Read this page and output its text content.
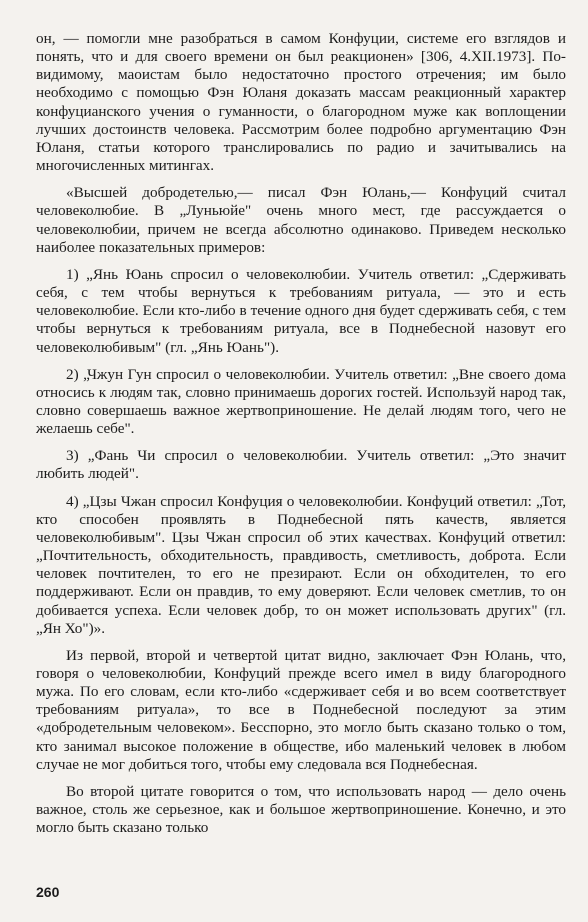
он, — помогли мне разобраться в самом Конфуции, системе его взглядов и понять, что и для своего времени он был реакционен» [306, 4.XII.1973]. По-видимому, маоистам было недостаточно простого отречения; им было необходимо с помощью Фэн Юланя доказать массам реакционный характер конфуцианского учения о гуманности, о благородном муже как воплощении лучших достоинств человека. Рассмотрим более подробно аргументацию Фэн Юланя, статьи которого транслировались по радио и зачитывались на многочисленных митингах.

«Высшей добродетелью,— писал Фэн Юлань,— Конфуций считал человеколюбие. В „Луньюйе" очень много мест, где рассуждается о человеколюбии, причем не всегда абсолютно одинаково. Приведем несколько наиболее показательных примеров:

1) „Янь Юань спросил о человеколюбии. Учитель ответил: „Сдерживать себя, с тем чтобы вернуться к требованиям ритуала, — это и есть человеколюбие. Если кто-либо в течение одного дня будет сдерживать себя, с тем чтобы вернуться к требованиям ритуала, все в Поднебесной назовут его человеколюбивым" (гл. „Янь Юань").

2) „Чжун Гун спросил о человеколюбии. Учитель ответил: „Вне своего дома относись к людям так, словно принимаешь дорогих гостей. Используй народ так, словно совершаешь важное жертвоприношение. Не делай людям того, чего не желаешь себе".

3) „Фань Чи спросил о человеколюбии. Учитель ответил: „Это значит любить людей".

4) „Цзы Чжан спросил Конфуция о человеколюбии. Конфуций ответил: „Тот, кто способен проявлять в Поднебесной пять качеств, является человеколюбивым". Цзы Чжан спросил об этих качествах. Конфуций ответил: „Почтительность, обходительность, правдивость, сметливость, доброта. Если человек почтителен, то его не презирают. Если он обходителен, то его поддерживают. Если он правдив, то ему доверяют. Если человек сметлив, то он добивается успеха. Если человек добр, то он может использовать других" (гл. „Ян Хо")».

Из первой, второй и четвертой цитат видно, заключает Фэн Юлань, что, говоря о человеколюбии, Конфуций прежде всего имел в виду благородного мужа. По его словам, если кто-либо «сдерживает себя и во всем соответствует требованиям ритуала», то все в Поднебесной последуют за этим «добродетельным человеком». Бесспорно, это могло быть сказано только о том, кто занимал высокое положение в обществе, ибо маленький человек в любом случае не мог добиться того, чтобы ему следовала вся Поднебесная.

Во второй цитате говорится о том, что использовать народ — дело очень важное, столь же серьезное, как и большое жертвоприношение. Конечно, и это могло быть сказано только

260
